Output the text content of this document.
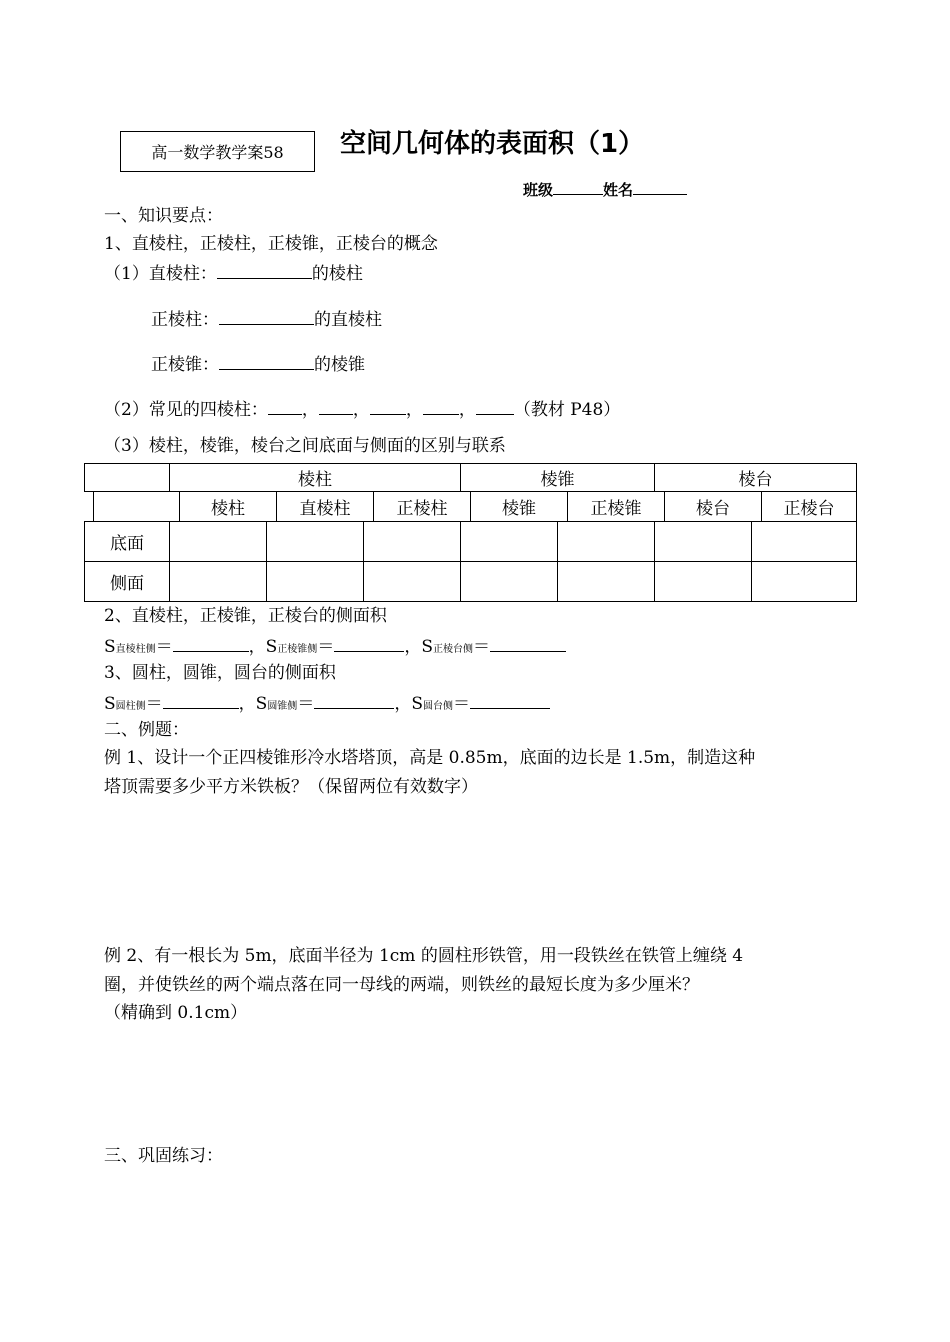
高一数学教学案58 空间几何体的表面积（1）
班级	姓名
一、知识要点：
1、直棱柱，正棱柱，正棱锥，正棱台的概念
（1）直棱柱：	的棱柱
正棱柱：	的直棱柱
正棱锥：	的棱锥
（2）常见的四棱柱： ， ， ， ， （教材 P48）
（3）棱柱，棱锥，棱台之间底面与侧面的区别与联系
	棱柱	棱锥	棱台
	棱柱	直棱柱	正棱柱	棱锥	正棱锥	棱台	正棱台
底面							
侧面							
2、直棱柱，正棱锥，正棱台的侧面积
S直棱柱侧＝	，S正棱锥侧＝	，S正棱台侧＝
3、圆柱，圆锥，圆台的侧面积
S圆柱侧＝	，S圆锥侧＝	，S圆台侧＝
二、例题：
例 1、设计一个正四棱锥形冷水塔塔顶，高是 0.85m，底面的边长是 1.5m，制造这种
塔顶需要多少平方米铁板？（保留两位有效数字）
例 2、有一根长为 5m，底面半径为 1cm 的圆柱形铁管，用一段铁丝在铁管上缠绕 4
圈，并使铁丝的两个端点落在同一母线的两端，则铁丝的最短长度为多少厘米？
（精确到 0.1cm）
三、巩固练习：
